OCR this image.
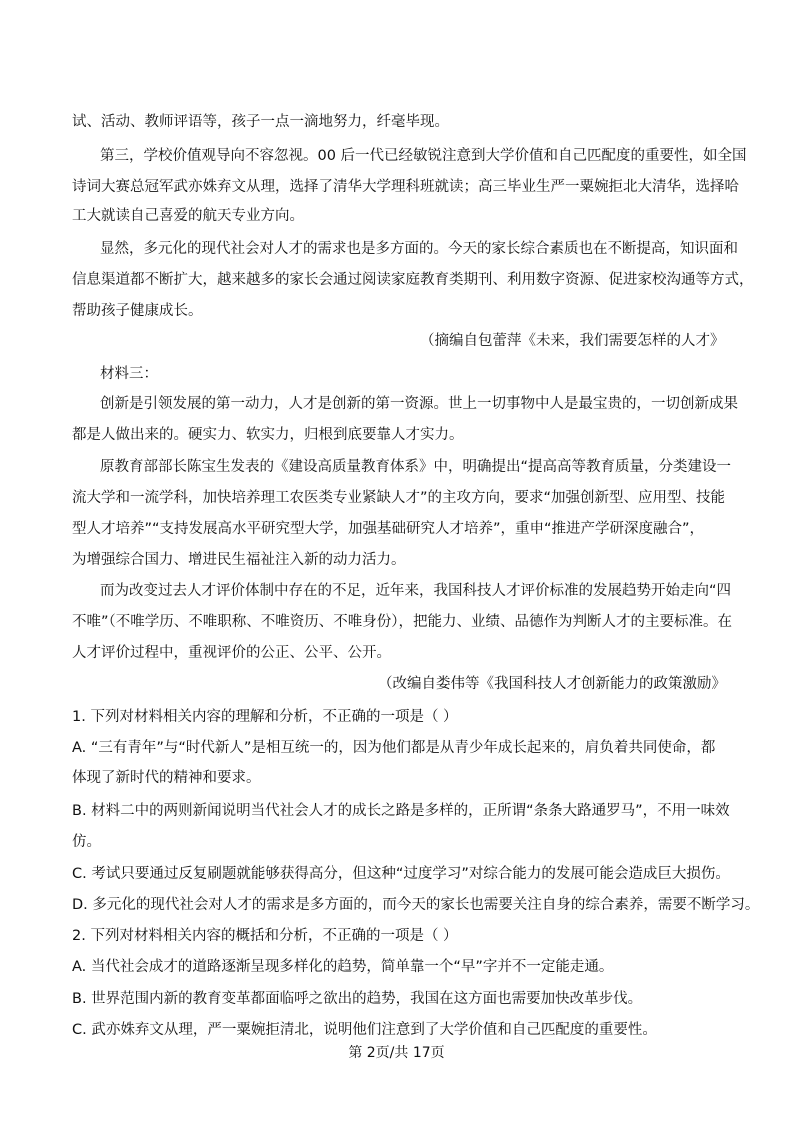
试、活动、教师评语等，孩子一点一滴地努力，纤毫毕现。
第三，学校价值观导向不容忽视。00 后一代已经敏锐注意到大学价值和自己匹配度的重要性，如全国
诗词大赛总冠军武亦姝弃文从理，选择了清华大学理科班就读；高三毕业生严一粟婉拒北大清华，选择哈
工大就读自己喜爱的航天专业方向。
显然，多元化的现代社会对人才的需求也是多方面的。今天的家长综合素质也在不断提高，知识面和
信息渠道都不断扩大，越来越多的家长会通过阅读家庭教育类期刊、利用数字资源、促进家校沟通等方式，
帮助孩子健康成长。
（摘编自包蕾萍《未来，我们需要怎样的人才》
材料三：
创新是引领发展的第一动力，人才是创新的第一资源。世上一切事物中人是最宝贵的，一切创新成果
都是人做出来的。硬实力、软实力，归根到底要靠人才实力。
原教育部部长陈宝生发表的《建设高质量教育体系》中，明确提出“提高高等教育质量，分类建设一
流大学和一流学科，加快培养理工农医类专业紧缺人才”的主攻方向，要求“加强创新型、应用型、技能
型人才培养”“支持发展高水平研究型大学，加强基础研究人才培养”，重申“推进产学研深度融合”，
为增强综合国力、增进民生福祉注入新的动力活力。
而为改变过去人才评价体制中存在的不足，近年来，我国科技人才评价标准的发展趋势开始走向“四
不唯”（不唯学历、不唯职称、不唯资历、不唯身份），把能力、业绩、品德作为判断人才的主要标准。在
人才评价过程中，重视评价的公正、公平、公开。
（改编自娄伟等《我国科技人才创新能力的政策激励》
1. 下列对材料相关内容的理解和分析，不正确的一项是（ ）
A. “三有青年”与“时代新人”是相互统一的，因为他们都是从青少年成长起来的，肩负着共同使命，都
体现了新时代的精神和要求。
B. 材料二中的两则新闻说明当代社会人才的成长之路是多样的，正所谓“条条大路通罗马”，不用一味效
仿。
C. 考试只要通过反复刷题就能够获得高分，但这种“过度学习”对综合能力的发展可能会造成巨大损伤。
D. 多元化的现代社会对人才的需求是多方面的，而今天的家长也需要关注自身的综合素养，需要不断学习。
2. 下列对材料相关内容的概括和分析，不正确的一项是（ ）
A. 当代社会成才的道路逐渐呈现多样化的趋势，简单靠一个“早”字并不一定能走通。
B. 世界范围内新的教育变革都面临呼之欲出的趋势，我国在这方面也需要加快改革步伐。
C. 武亦姝弃文从理，严一粟婉拒清北，说明他们注意到了大学价值和自己匹配度的重要性。
第 2页/共 17页
